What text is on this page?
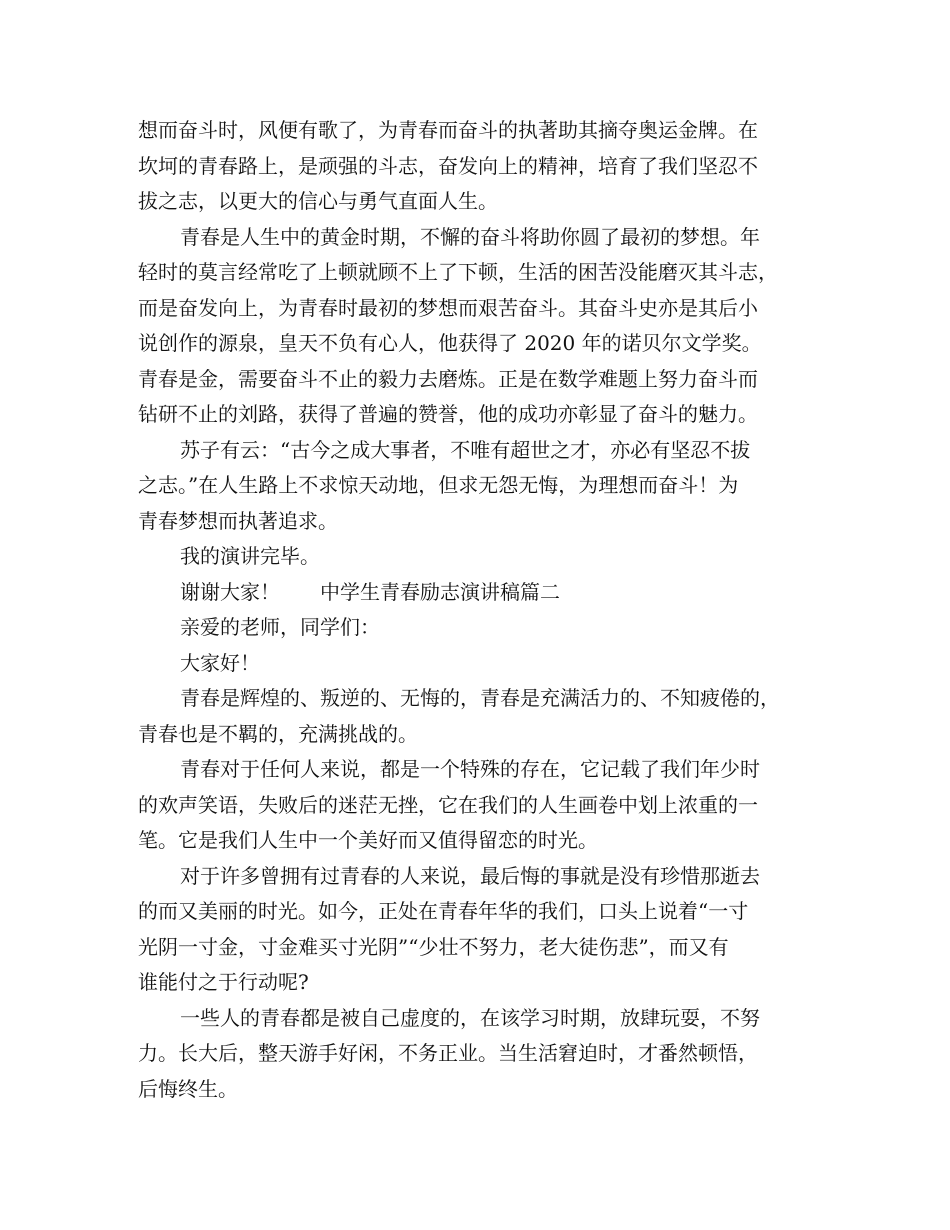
想而奋斗时，风便有歌了，为青春而奋斗的执著助其摘夺奥运金牌。在
坎坷的青春路上，是顽强的斗志，奋发向上的精神，培育了我们坚忍不
拔之志，以更大的信心与勇气直面人生。
青春是人生中的黄金时期，不懈的奋斗将助你圆了最初的梦想。年
轻时的莫言经常吃了上顿就顾不上了下顿，生活的困苦没能磨灭其斗志，
而是奋发向上，为青春时最初的梦想而艰苦奋斗。其奋斗史亦是其后小
说创作的源泉，皇天不负有心人，他获得了 2020 年的诺贝尔文学奖。
青春是金，需要奋斗不止的毅力去磨炼。正是在数学难题上努力奋斗而
钻研不止的刘路，获得了普遍的赞誉，他的成功亦彰显了奋斗的魅力。
苏子有云：“古今之成大事者，不唯有超世之才，亦必有坚忍不拔
之志。”在人生路上不求惊天动地，但求无怨无悔，为理想而奋斗！为
青春梦想而执著追求。
我的演讲完毕。
谢谢大家！ 中学生青春励志演讲稿篇二
亲爱的老师，同学们：
大家好！
青春是辉煌的、叛逆的、无悔的，青春是充满活力的、不知疲倦的，
青春也是不羁的，充满挑战的。
青春对于任何人来说，都是一个特殊的存在，它记载了我们年少时
的欢声笑语，失败后的迷茫无挫，它在我们的人生画卷中划上浓重的一
笔。它是我们人生中一个美好而又值得留恋的时光。
对于许多曾拥有过青春的人来说，最后悔的事就是没有珍惜那逝去
的而又美丽的时光。如今，正处在青春年华的我们，口头上说着“一寸
光阴一寸金，寸金难买寸光阴”“少壮不努力，老大徒伤悲”，而又有
谁能付之于行动呢?
一些人的青春都是被自己虚度的，在该学习时期，放肆玩耍，不努
力。长大后，整天游手好闲，不务正业。当生活窘迫时，才番然顿悟，
后悔终生。
